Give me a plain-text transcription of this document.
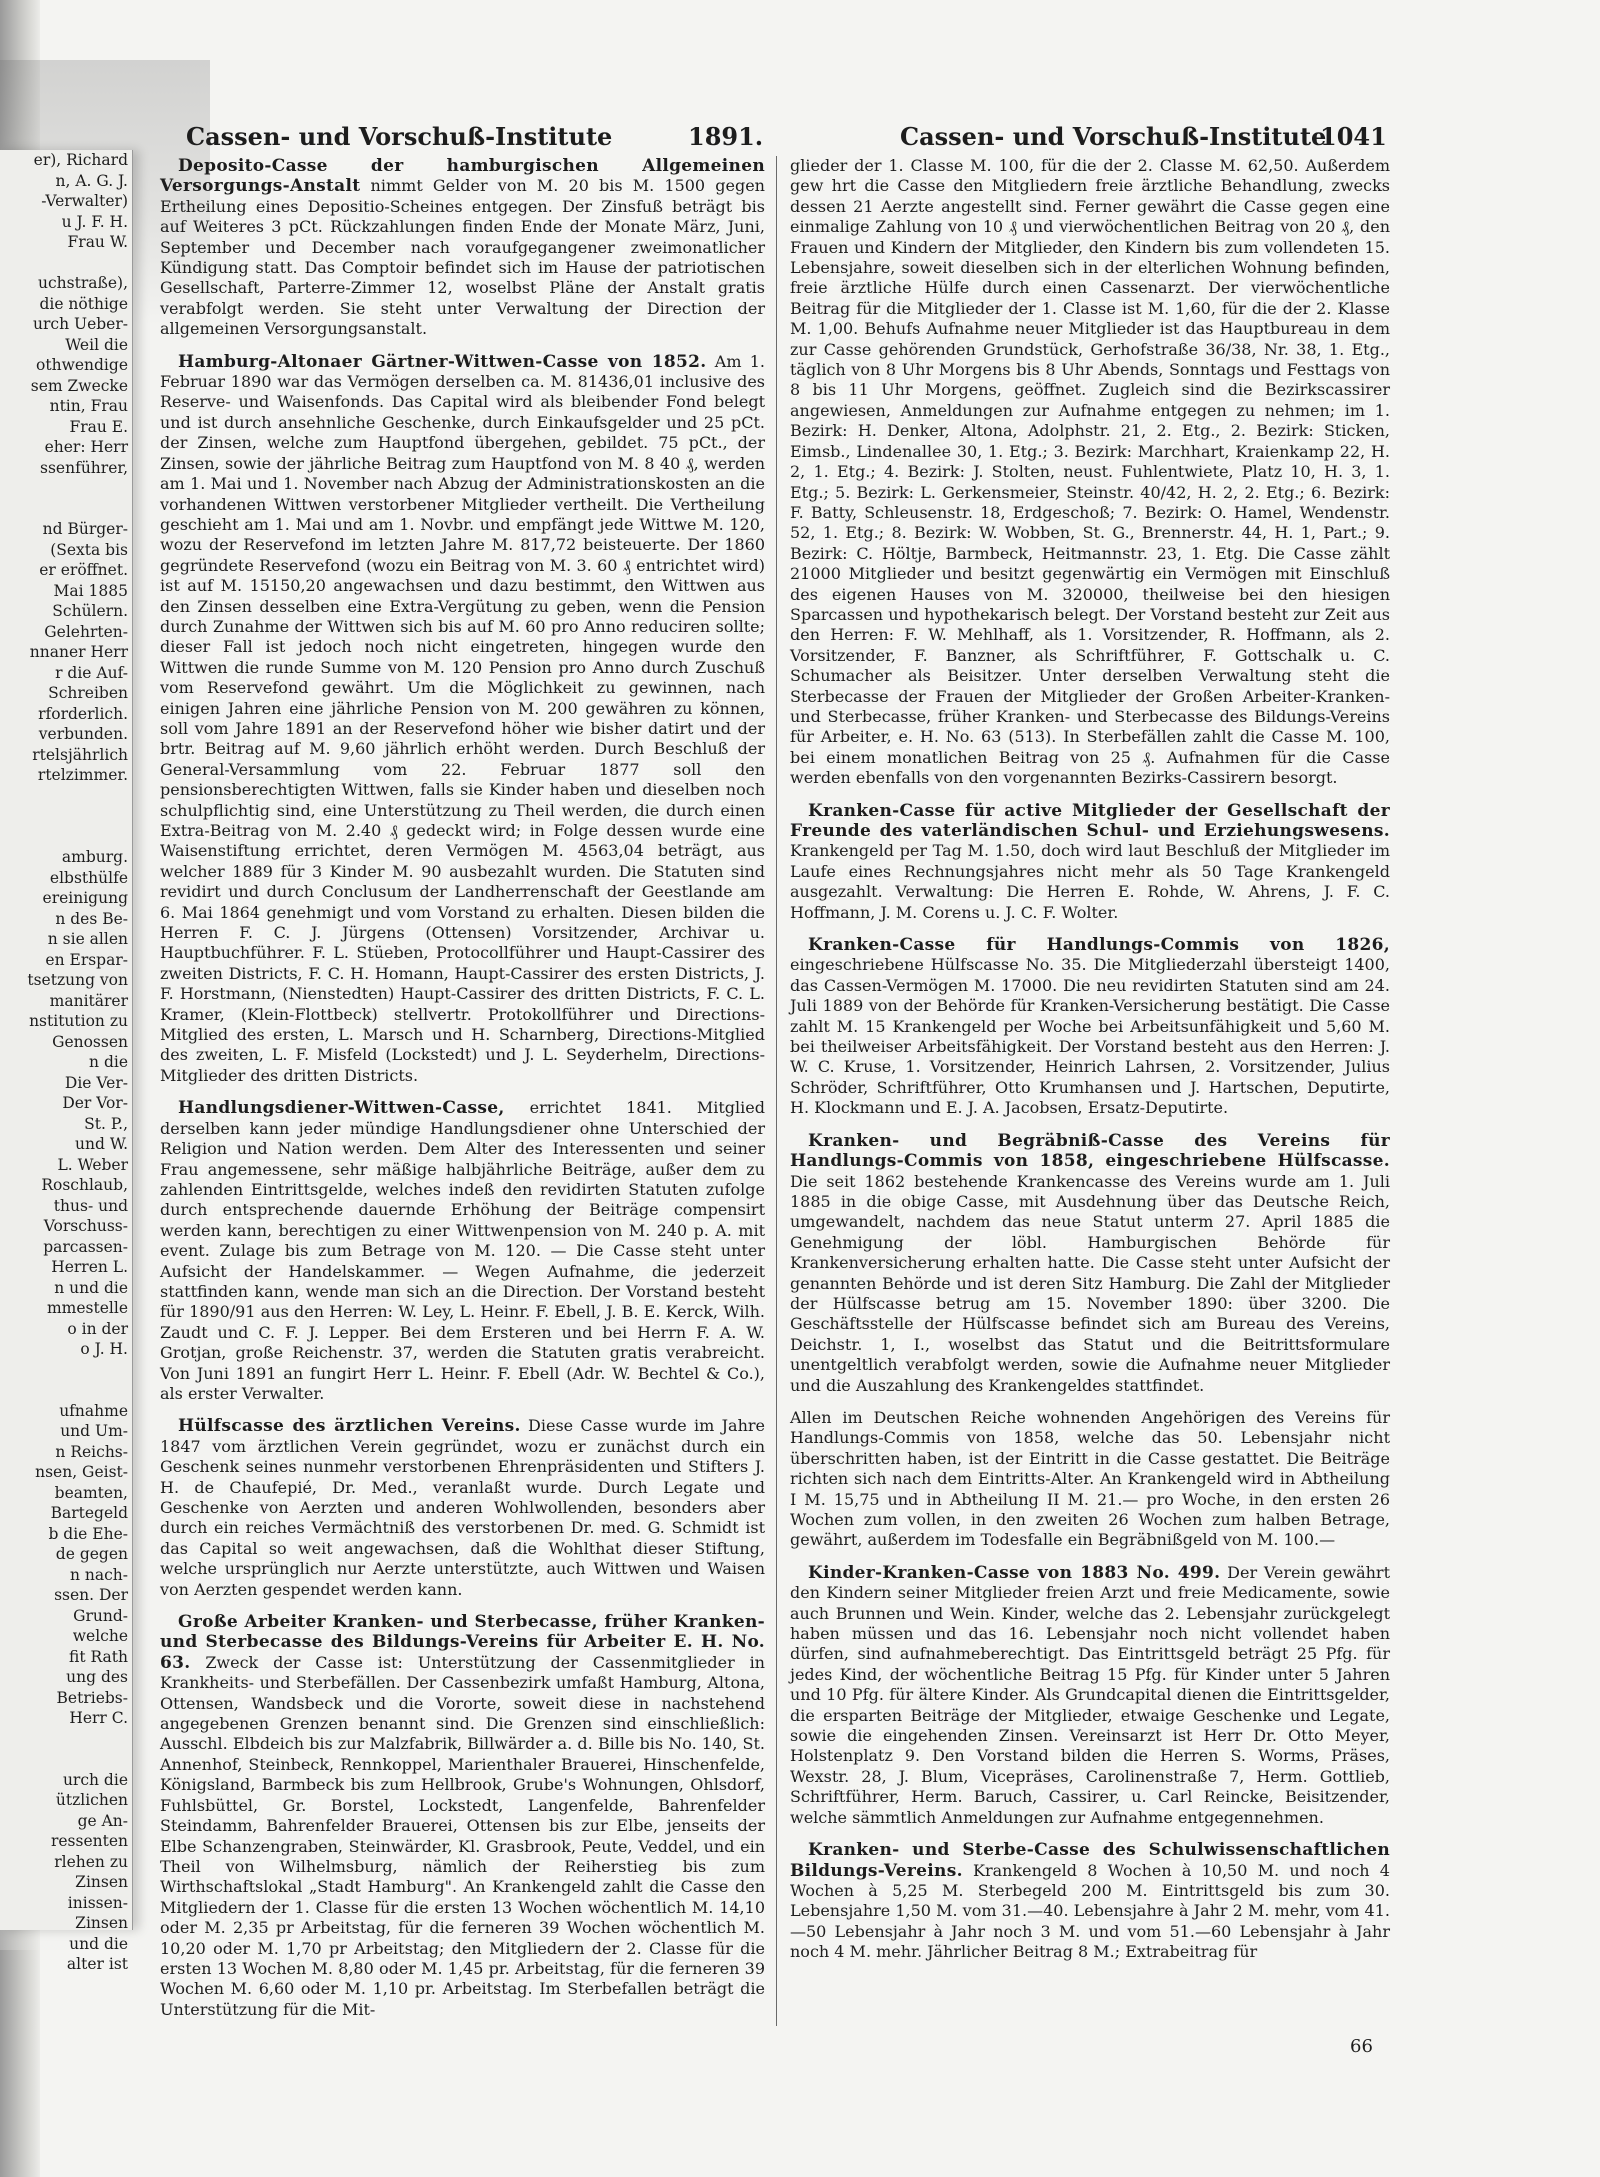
er), Richard
n, A. G. J.
-Verwalter)
u J. F. H.
Frau W.

uchstraße),
die nöthige
urch Ueber-
Weil die
othwendige
sem Zwecke
ntin, Frau
Frau E.
eher: Herr
ssenführer,

nd Bürger-
(Sexta bis
er eröffnet.
Mai 1885
Schülern.
Gelehrten-
nnaner Herr
r die Auf-
Schreiben
rforderlich.
verbunden.
rtelsjährlich
rtelzimmer.

amburg.
elbsthülfe
ereinigung
n des Be-
n sie allen
en Erspar-
tsetzung von
manitärer
nstitution zu
Genossen
n die
Die Ver-
Der Vor-
St. P.,
und W.
L. Weber
Roschlaub,
thus- und
Vorschuss-
parcassen-
Herren L.
n und die
mmestelle
o in der
o J. H.

ufnahme
und Um-
n Reichs-
nsen, Geist-
beamten,
Bartegeld
b die Ehe-
de gegen
n nach-
ssen. Der
Grund-
welche
fit Rath
ung des
Betriebs-
Herr C.

urch die
ützlichen
ge An-
ressenten
rlehen zu
Zinsen
inissen-
Zinsen
und die
alter ist
Cassen- und Vorschuß-Institute	1891.	Cassen- und Vorschuß-Institute
1041

Deposito-Casse der hamburgischen Allgemeinen Versorgungs-Anstalt nimmt Gelder von M. 20 bis M. 1500 gegen Ertheilung eines Depositio-Scheines entgegen. Der Zinsfuß beträgt bis auf Weiteres 3 pCt. Rückzahlungen finden Ende der Monate März, Juni, September und December nach voraufgegangener zweimonatlicher Kündigung statt. Das Comptoir befindet sich im Hause der patriotischen Gesellschaft, Parterre-Zimmer 12, woselbst Pläne der Anstalt gratis verabfolgt werden. Sie steht unter Verwaltung der Direction der allgemeinen Versorgungsanstalt.

Hamburg-Altonaer Gärtner-Wittwen-Casse von 1852. Am 1. Februar 1890 war das Vermögen derselben ca. M. 81436,01 inclusive des Reserve- und Waisenfonds. Das Capital wird als bleibender Fond belegt und ist durch ansehnliche Geschenke, durch Einkaufsgelder und 25 pCt. der Zinsen, welche zum Hauptfond übergehen, gebildet. 75 pCt., der Zinsen, sowie der jährliche Beitrag zum Hauptfond von M. 8 40 ₰, werden am 1. Mai und 1. November nach Abzug der Administrationskosten an die vorhandenen Wittwen verstorbener Mitglieder vertheilt. Die Vertheilung geschieht am 1. Mai und am 1. Novbr. und empfängt jede Wittwe M. 120, wozu der Reservefond im letzten Jahre M. 817,72 beisteuerte. Der 1860 gegründete Reservefond (wozu ein Beitrag von M. 3. 60 ₰ entrichtet wird) ist auf M. 15150,20 angewachsen und dazu bestimmt, den Wittwen aus den Zinsen desselben eine Extra-Vergütung zu geben, wenn die Pension durch Zunahme der Wittwen sich bis auf M. 60 pro Anno reduciren sollte; dieser Fall ist jedoch noch nicht eingetreten, hingegen wurde den Wittwen die runde Summe von M. 120 Pension pro Anno durch Zuschuß vom Reservefond gewährt. Um die Möglichkeit zu gewinnen, nach einigen Jahren eine jährliche Pension von M. 200 gewähren zu können, soll vom Jahre 1891 an der Reservefond höher wie bisher datirt und der brtr. Beitrag auf M. 9,60 jährlich erhöht werden. Durch Beschluß der General-Versammlung vom 22. Februar 1877 soll den pensionsberechtigten Wittwen, falls sie Kinder haben und dieselben noch schulpflichtig sind, eine Unterstützung zu Theil werden, die durch einen Extra-Beitrag von M. 2.40 ₰ gedeckt wird; in Folge dessen wurde eine Waisenstiftung errichtet, deren Vermögen M. 4563,04 beträgt, aus welcher 1889 für 3 Kinder M. 90 ausbezahlt wurden. Die Statuten sind revidirt und durch Conclusum der Landherrenschaft der Geestlande am 6. Mai 1864 genehmigt und vom Vorstand zu erhalten. Diesen bilden die Herren F. C. J. Jürgens (Ottensen) Vorsitzender, Archivar u. Hauptbuchführer. F. L. Stüeben, Protocollführer und Haupt-Cassirer des zweiten Districts, F. C. H. Homann, Haupt-Cassirer des ersten Districts, J. F. Horstmann, (Nienstedten) Haupt-Cassirer des dritten Districts, F. C. L. Kramer, (Klein-Flottbeck) stellvertr. Protokollführer und Directions-Mitglied des ersten, L. Marsch und H. Scharnberg, Directions-Mitglied des zweiten, L. F. Misfeld (Lockstedt) und J. L. Seyderhelm, Directions-Mitglieder des dritten Districts.

Handlungsdiener-Wittwen-Casse, errichtet 1841. Mitglied derselben kann jeder mündige Handlungsdiener ohne Unterschied der Religion und Nation werden. Dem Alter des Interessenten und seiner Frau angemessene, sehr mäßige halbjährliche Beiträge, außer dem zu zahlenden Eintrittsgelde, welches indeß den revidirten Statuten zufolge durch entsprechende dauernde Erhöhung der Beiträge compensirt werden kann, berechtigen zu einer Wittwenpension von M. 240 p. A. mit event. Zulage bis zum Betrage von M. 120. — Die Casse steht unter Aufsicht der Handelskammer. — Wegen Aufnahme, die jederzeit stattfinden kann, wende man sich an die Direction. Der Vorstand besteht für 1890/91 aus den Herren: W. Ley, L. Heinr. F. Ebell, J. B. E. Kerck, Wilh. Zaudt und C. F. J. Lepper. Bei dem Ersteren und bei Herrn F. A. W. Grotjan, große Reichenstr. 37, werden die Statuten gratis verabreicht. Von Juni 1891 an fungirt Herr L. Heinr. F. Ebell (Adr. W. Bechtel & Co.), als erster Verwalter.

Hülfscasse des ärztlichen Vereins. Diese Casse wurde im Jahre 1847 vom ärztlichen Verein gegründet, wozu er zunächst durch ein Geschenk seines nunmehr verstorbenen Ehrenpräsidenten und Stifters J. H. de Chaufepié, Dr. Med., veranlaßt wurde. Durch Legate und Geschenke von Aerzten und anderen Wohlwollenden, besonders aber durch ein reiches Vermächtniß des verstorbenen Dr. med. G. Schmidt ist das Capital so weit angewachsen, daß die Wohlthat dieser Stiftung, welche ursprünglich nur Aerzte unterstützte, auch Wittwen und Waisen von Aerzten gespendet werden kann.

Große Arbeiter Kranken- und Sterbecasse, früher Kranken- und Sterbecasse des Bildungs-Vereins für Arbeiter E. H. No. 63. Zweck der Casse ist: Unterstützung der Cassenmitglieder in Krankheits- und Sterbefällen. Der Cassenbezirk umfaßt Hamburg, Altona, Ottensen, Wandsbeck und die Vororte, soweit diese in nachstehend angegebenen Grenzen benannt sind. Die Grenzen sind einschließlich: Ausschl. Elbdeich bis zur Malzfabrik, Billwärder a. d. Bille bis No. 140, St. Annenhof, Steinbeck, Rennkoppel, Marienthaler Brauerei, Hinschenfelde, Königsland, Barmbeck bis zum Hellbrook, Grube's Wohnungen, Ohlsdorf, Fuhlsbüttel, Gr. Borstel, Lockstedt, Langenfelde, Bahrenfelder Steindamm, Bahrenfelder Brauerei, Ottensen bis zur Elbe, jenseits der Elbe Schanzengraben, Steinwärder, Kl. Grasbrook, Peute, Veddel, und ein Theil von Wilhelmsburg, nämlich der Reiherstieg bis zum Wirthschaftslokal „Stadt Hamburg". An Krankengeld zahlt die Casse den Mitgliedern der 1. Classe für die ersten 13 Wochen wöchentlich M. 14,10 oder M. 2,35 pr Arbeitstag, für die ferneren 39 Wochen wöchentlich M. 10,20 oder M. 1,70 pr Arbeitstag; den Mitgliedern der 2. Classe für die ersten 13 Wochen M. 8,80 oder M. 1,45 pr. Arbeitstag, für die ferneren 39 Wochen M. 6,60 oder M. 1,10 pr. Arbeitstag. Im Sterbefallen beträgt die Unterstützung für die Mit-

glieder der 1. Classe M. 100, für die der 2. Classe M. 62,50. Außerdem gew hrt die Casse den Mitgliedern freie ärztliche Behandlung, zwecks dessen 21 Aerzte angestellt sind. Ferner gewährt die Casse gegen eine einmalige Zahlung von 10 ₰ und vierwöchentlichen Beitrag von 20 ₰, den Frauen und Kindern der Mitglieder, den Kindern bis zum vollendeten 15. Lebensjahre, soweit dieselben sich in der elterlichen Wohnung befinden, freie ärztliche Hülfe durch einen Cassenarzt. Der vierwöchentliche Beitrag für die Mitglieder der 1. Classe ist M. 1,60, für die der 2. Klasse M. 1,00. Behufs Aufnahme neuer Mitglieder ist das Hauptbureau in dem zur Casse gehörenden Grundstück, Gerhofstraße 36/38, Nr. 38, 1. Etg., täglich von 8 Uhr Morgens bis 8 Uhr Abends, Sonntags und Festtags von 8 bis 11 Uhr Morgens, geöffnet. Zugleich sind die Bezirkscassirer angewiesen, Anmeldungen zur Aufnahme entgegen zu nehmen; im 1. Bezirk: H. Denker, Altona, Adolphstr. 21, 2. Etg., 2. Bezirk: Sticken, Eimsb., Lindenallee 30, 1. Etg.; 3. Bezirk: Marchhart, Kraienkamp 22, H. 2, 1. Etg.; 4. Bezirk: J. Stolten, neust. Fuhlentwiete, Platz 10, H. 3, 1. Etg.; 5. Bezirk: L. Gerkensmeier, Steinstr. 40/42, H. 2, 2. Etg.; 6. Bezirk: F. Batty, Schleusenstr. 18, Erdgeschoß; 7. Bezirk: O. Hamel, Wendenstr. 52, 1. Etg.; 8. Bezirk: W. Wobben, St. G., Brennerstr. 44, H. 1, Part.; 9. Bezirk: C. Höltje, Barmbeck, Heitmannstr. 23, 1. Etg. Die Casse zählt 21000 Mitglieder und besitzt gegenwärtig ein Vermögen mit Einschluß des eigenen Hauses von M. 320000, theilweise bei den hiesigen Sparcassen und hypothekarisch belegt. Der Vorstand besteht zur Zeit aus den Herren: F. W. Mehlhaff, als 1. Vorsitzender, R. Hoffmann, als 2. Vorsitzender, F. Banzner, als Schriftführer, F. Gottschalk u. C. Schumacher als Beisitzer. Unter derselben Verwaltung steht die Sterbecasse der Frauen der Mitglieder der Großen Arbeiter-Kranken- und Sterbecasse, früher Kranken- und Sterbecasse des Bildungs-Vereins für Arbeiter, e. H. No. 63 (513). In Sterbefällen zahlt die Casse M. 100, bei einem monatlichen Beitrag von 25 ₰. Aufnahmen für die Casse werden ebenfalls von den vorgenannten Bezirks-Cassirern besorgt.

Kranken-Casse für active Mitglieder der Gesellschaft der Freunde des vaterländischen Schul- und Erziehungswesens. Krankengeld per Tag M. 1.50, doch wird laut Beschluß der Mitglieder im Laufe eines Rechnungsjahres nicht mehr als 50 Tage Krankengeld ausgezahlt. Verwaltung: Die Herren E. Rohde, W. Ahrens, J. F. C. Hoffmann, J. M. Corens u. J. C. F. Wolter.

Kranken-Casse für Handlungs-Commis von 1826, eingeschriebene Hülfscasse No. 35. Die Mitgliederzahl übersteigt 1400, das Cassen-Vermögen M. 17000. Die neu revidirten Statuten sind am 24. Juli 1889 von der Behörde für Kranken-Versicherung bestätigt. Die Casse zahlt M. 15 Krankengeld per Woche bei Arbeitsunfähigkeit und 5,60 M. bei theilweiser Arbeitsfähigkeit. Der Vorstand besteht aus den Herren: J. W. C. Kruse, 1. Vorsitzender, Heinrich Lahrsen, 2. Vorsitzender, Julius Schröder, Schriftführer, Otto Krumhansen und J. Hartschen, Deputirte, H. Klockmann und E. J. A. Jacobsen, Ersatz-Deputirte.

Kranken- und Begräbniß-Casse des Vereins für Handlungs-Commis von 1858, eingeschriebene Hülfscasse. Die seit 1862 bestehende Krankencasse des Vereins wurde am 1. Juli 1885 in die obige Casse, mit Ausdehnung über das Deutsche Reich, umgewandelt, nachdem das neue Statut unterm 27. April 1885 die Genehmigung der löbl. Hamburgischen Behörde für Krankenversicherung erhalten hatte. Die Casse steht unter Aufsicht der genannten Behörde und ist deren Sitz Hamburg. Die Zahl der Mitglieder der Hülfscasse betrug am 15. November 1890: über 3200. Die Geschäftsstelle der Hülfscasse befindet sich am Bureau des Vereins, Deichstr. 1, I., woselbst das Statut und die Beitrittsformulare unentgeltlich verabfolgt werden, sowie die Aufnahme neuer Mitglieder und die Auszahlung des Krankengeldes stattfindet.

Allen im Deutschen Reiche wohnenden Angehörigen des Vereins für Handlungs-Commis von 1858, welche das 50. Lebensjahr nicht überschritten haben, ist der Eintritt in die Casse gestattet. Die Beiträge richten sich nach dem Eintritts-Alter. An Krankengeld wird in Abtheilung I M. 15,75 und in Abtheilung II M. 21.— pro Woche, in den ersten 26 Wochen zum vollen, in den zweiten 26 Wochen zum halben Betrage, gewährt, außerdem im Todesfalle ein Begräbnißgeld von M. 100.—

Kinder-Kranken-Casse von 1883 No. 499. Der Verein gewährt den Kindern seiner Mitglieder freien Arzt und freie Medicamente, sowie auch Brunnen und Wein. Kinder, welche das 2. Lebensjahr zurückgelegt haben müssen und das 16. Lebensjahr noch nicht vollendet haben dürfen, sind aufnahmeberechtigt. Das Eintrittsgeld beträgt 25 Pfg. für jedes Kind, der wöchentliche Beitrag 15 Pfg. für Kinder unter 5 Jahren und 10 Pfg. für ältere Kinder. Als Grundcapital dienen die Eintrittsgelder, die ersparten Beiträge der Mitglieder, etwaige Geschenke und Legate, sowie die eingehenden Zinsen. Vereinsarzt ist Herr Dr. Otto Meyer, Holstenplatz 9. Den Vorstand bilden die Herren S. Worms, Präses, Wexstr. 28, J. Blum, Vicepräses, Carolinenstraße 7, Herm. Gottlieb, Schriftführer, Herm. Baruch, Cassirer, u. Carl Reincke, Beisitzender, welche sämmtlich Anmeldungen zur Aufnahme entgegennehmen.

Kranken- und Sterbe-Casse des Schulwissenschaftlichen Bildungs-Vereins. Krankengeld 8 Wochen à 10,50 M. und noch 4 Wochen à 5,25 M. Sterbegeld 200 M. Eintrittsgeld bis zum 30. Lebensjahre 1,50 M. vom 31.—40. Lebensjahre à Jahr 2 M. mehr, vom 41.—50 Lebensjahr à Jahr noch 3 M. und vom 51.—60 Lebensjahr à Jahr noch 4 M. mehr. Jährlicher Beitrag 8 M.; Extrabeitrag für

66
